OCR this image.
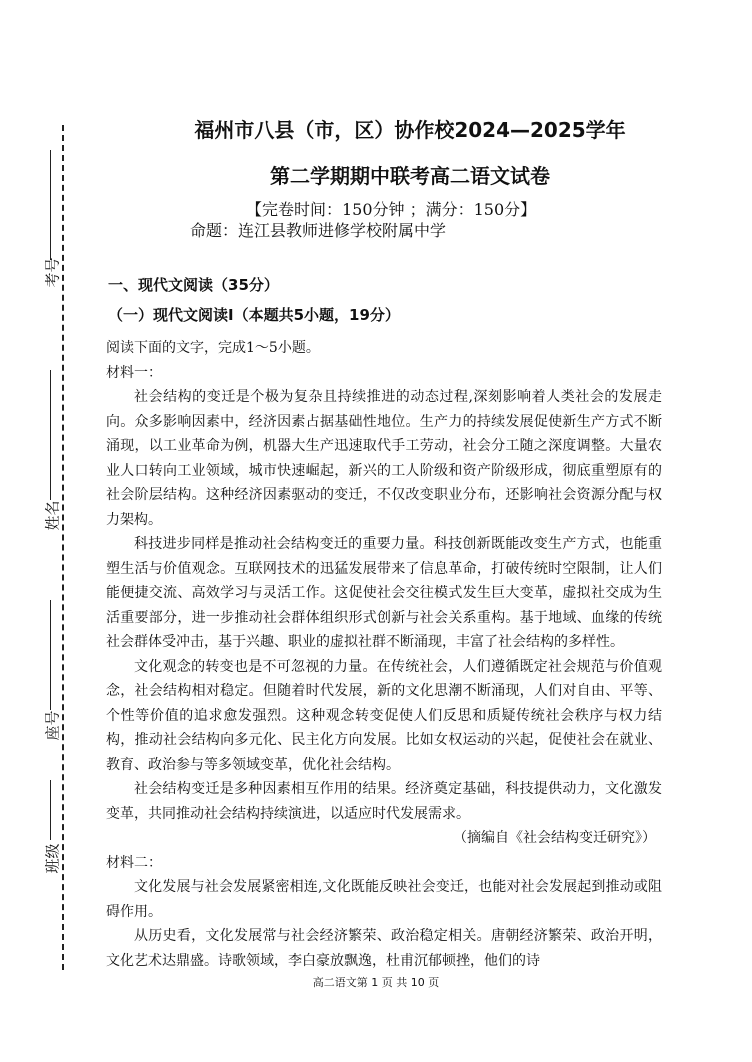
考号
姓名
座号
班级
福州市八县（市，区）协作校2024—2025学年
第二学期期中联考高二语文试卷
【完卷时间：150分钟 ；满分：150分】
命题：连江县教师进修学校附属中学
一、现代文阅读（35分）
（一）现代文阅读Ⅰ（本题共5小题，19分）

阅读下面的文字，完成1～5小题。

材料一：

社会结构的变迁是个极为复杂且持续推进的动态过程,深刻影响着人类社会的发展走向。众多影响因素中，经济因素占据基础性地位。生产力的持续发展促使新生产方式不断涌现，以工业革命为例，机器大生产迅速取代手工劳动，社会分工随之深度调整。大量农业人口转向工业领域，城市快速崛起，新兴的工人阶级和资产阶级形成，彻底重塑原有的社会阶层结构。这种经济因素驱动的变迁，不仅改变职业分布，还影响社会资源分配与权力架构。

科技进步同样是推动社会结构变迁的重要力量。科技创新既能改变生产方式，也能重塑生活与价值观念。互联网技术的迅猛发展带来了信息革命，打破传统时空限制，让人们能便捷交流、高效学习与灵活工作。这促使社会交往模式发生巨大变革，虚拟社交成为生活重要部分，进一步推动社会群体组织形式创新与社会关系重构。基于地域、血缘的传统社会群体受冲击，基于兴趣、职业的虚拟社群不断涌现，丰富了社会结构的多样性。

文化观念的转变也是不可忽视的力量。在传统社会，人们遵循既定社会规范与价值观念，社会结构相对稳定。但随着时代发展，新的文化思潮不断涌现，人们对自由、平等、个性等价值的追求愈发强烈。这种观念转变促使人们反思和质疑传统社会秩序与权力结构，推动社会结构向多元化、民主化方向发展。比如女权运动的兴起，促使社会在就业、教育、政治参与等多领域变革，优化社会结构。

社会结构变迁是多种因素相互作用的结果。经济奠定基础，科技提供动力，文化激发变革，共同推动社会结构持续演进，以适应时代发展需求。

（摘编自《社会结构变迁研究》）

材料二：

文化发展与社会发展紧密相连,文化既能反映社会变迁，也能对社会发展起到推动或阻碍作用。

从历史看，文化发展常与社会经济繁荣、政治稳定相关。唐朝经济繁荣、政治开明，文化艺术达鼎盛。诗歌领域，李白豪放飘逸，杜甫沉郁顿挫，他们的诗

高二语文第 1 页 共 10 页
